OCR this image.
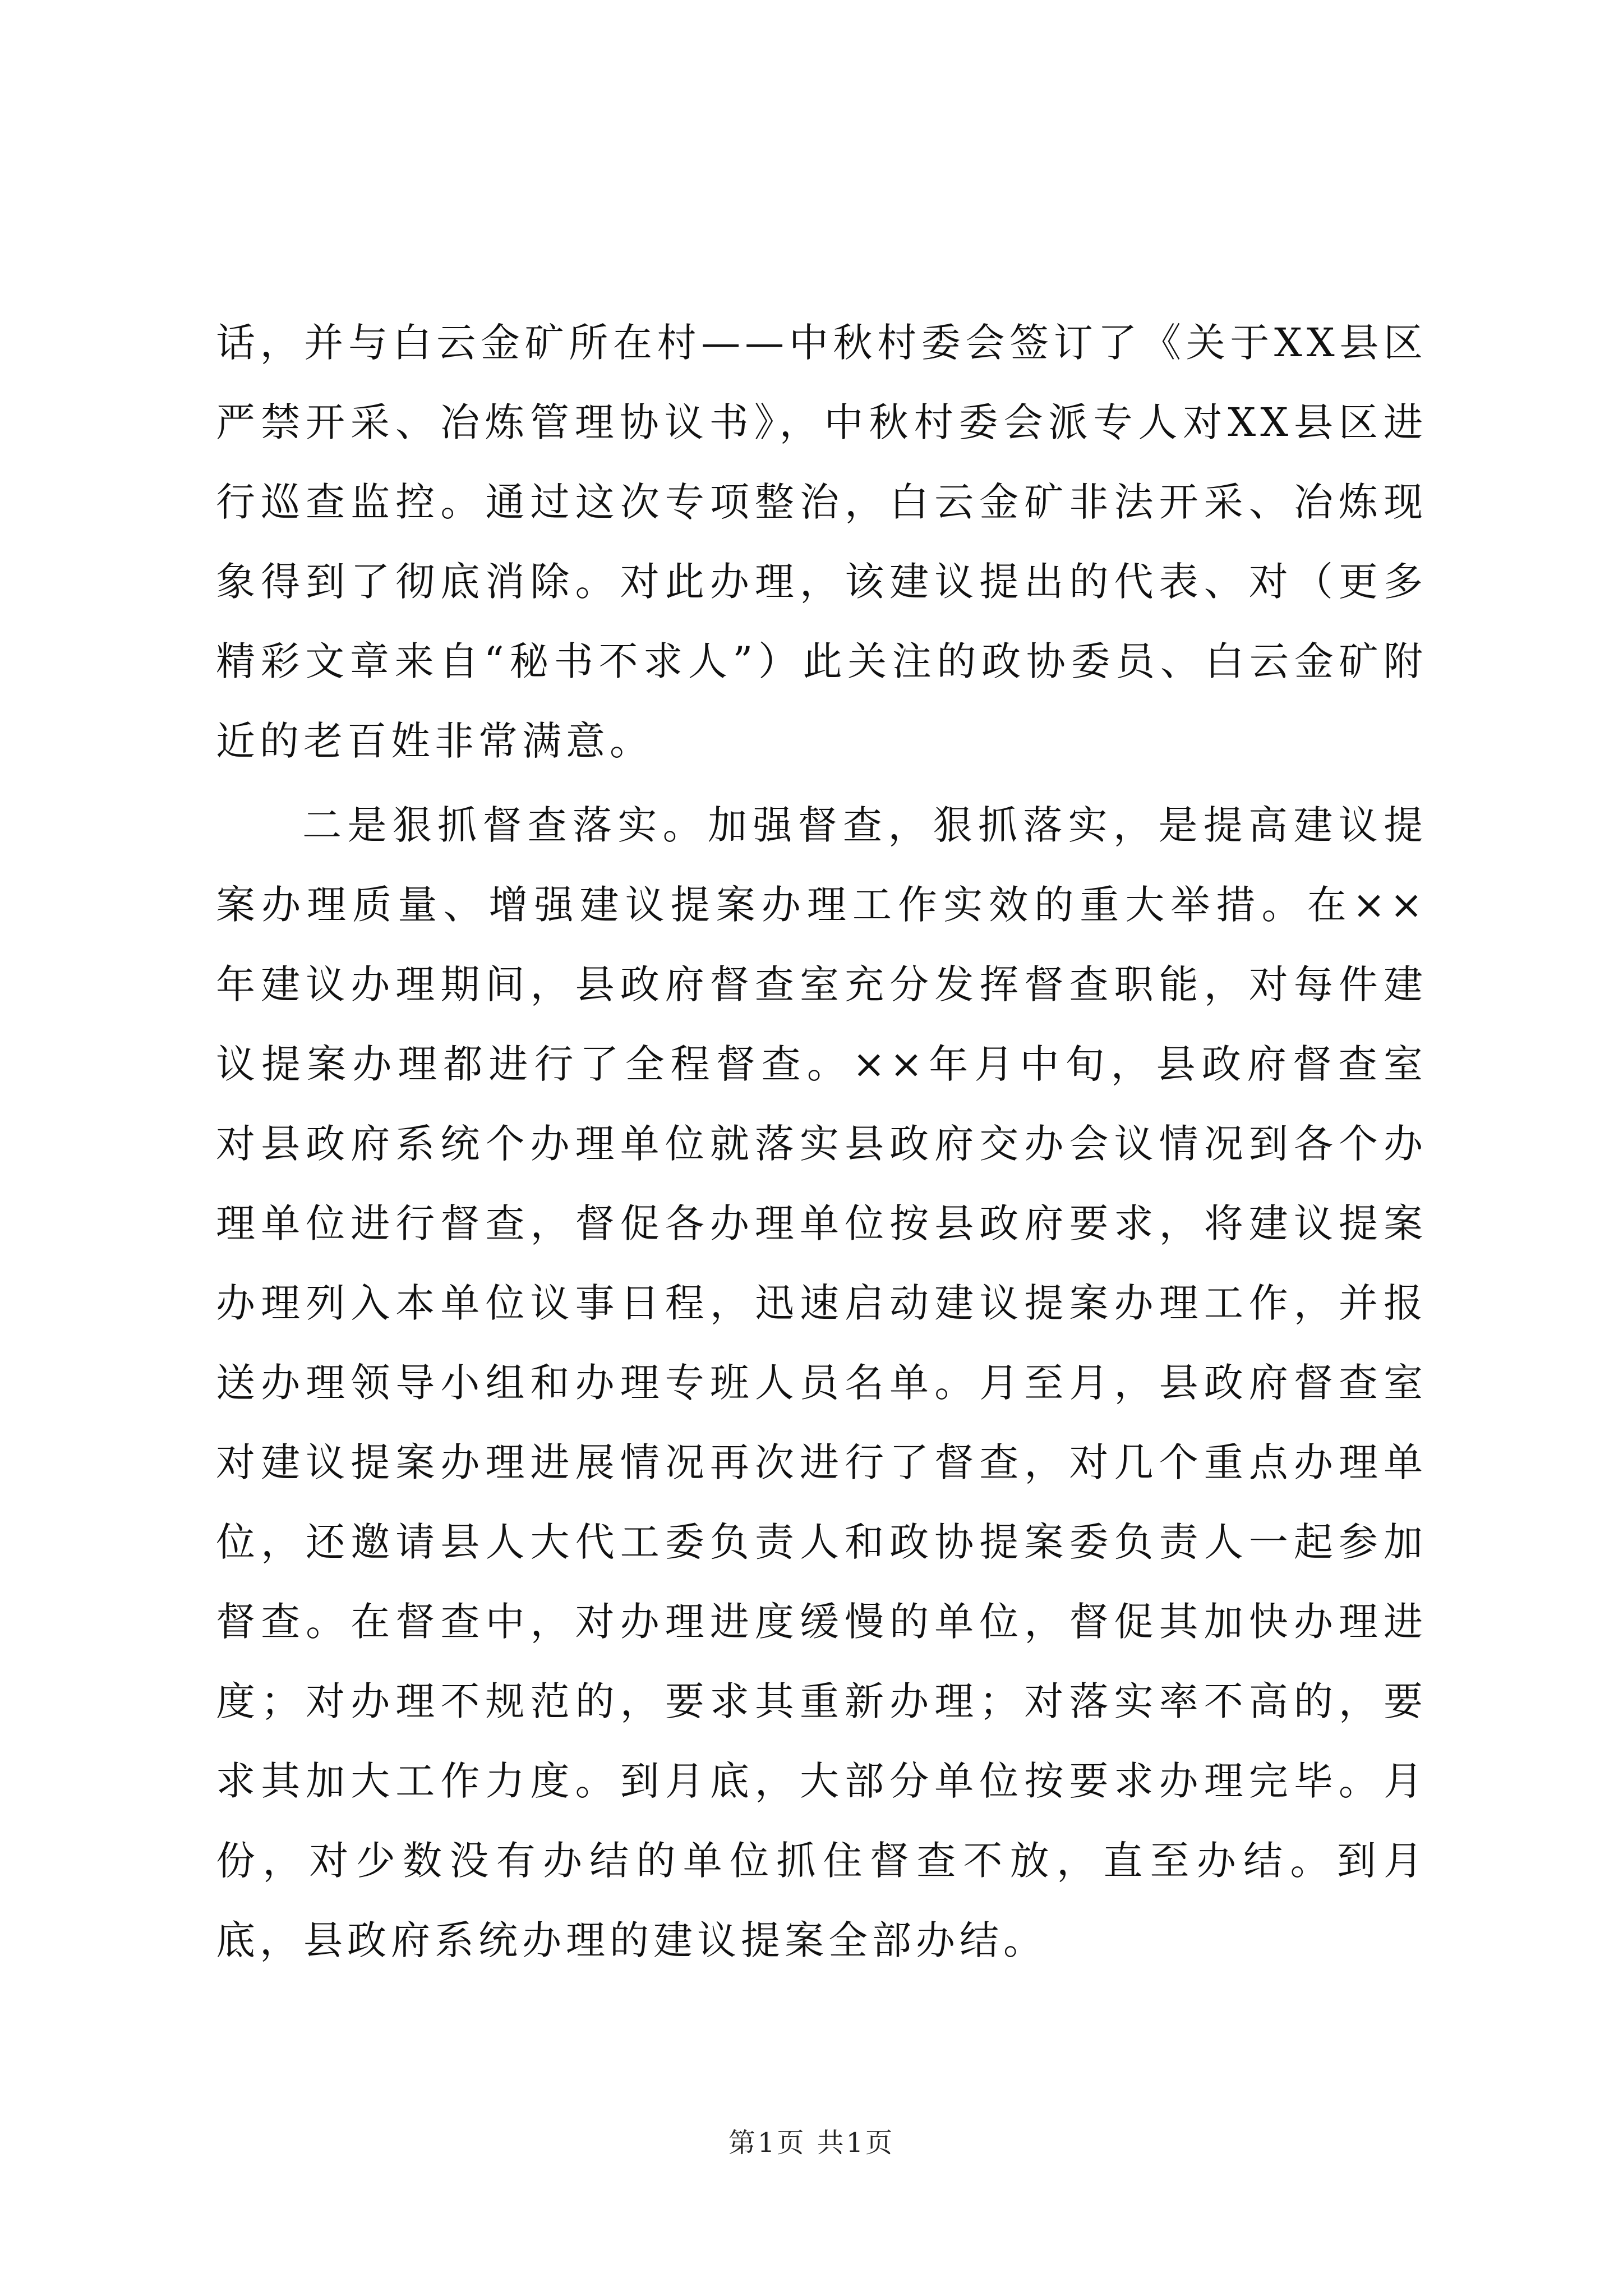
话，并与白云金矿所在村——中秋村委会签订了《关于XX县区严禁开采、冶炼管理协议书》，中秋村委会派专人对XX县区进行巡查监控。通过这次专项整治，白云金矿非法开采、冶炼现象得到了彻底消除。对此办理，该建议提出的代表、对（更多精彩文章来自“秘书不求人”）此关注的政协委员、白云金矿附近的老百姓非常满意。

二是狠抓督查落实。加强督查，狠抓落实，是提高建议提案办理质量、增强建议提案办理工作实效的重大举措。在××年建议办理期间，县政府督查室充分发挥督查职能，对每件建议提案办理都进行了全程督查。××年月中旬，县政府督查室对县政府系统个办理单位就落实县政府交办会议情况到各个办理单位进行督查，督促各办理单位按县政府要求，将建议提案办理列入本单位议事日程，迅速启动建议提案办理工作，并报送办理领导小组和办理专班人员名单。月至月，县政府督查室对建议提案办理进展情况再次进行了督查，对几个重点办理单位，还邀请县人大代工委负责人和政协提案委负责人一起参加督查。在督查中，对办理进度缓慢的单位，督促其加快办理进度；对办理不规范的，要求其重新办理；对落实率不高的，要求其加大工作力度。到月底，大部分单位按要求办理完毕。月份，对少数没有办结的单位抓住督查不放，直至办结。到月底，县政府系统办理的建议提案全部办结。

第1页 共1页
